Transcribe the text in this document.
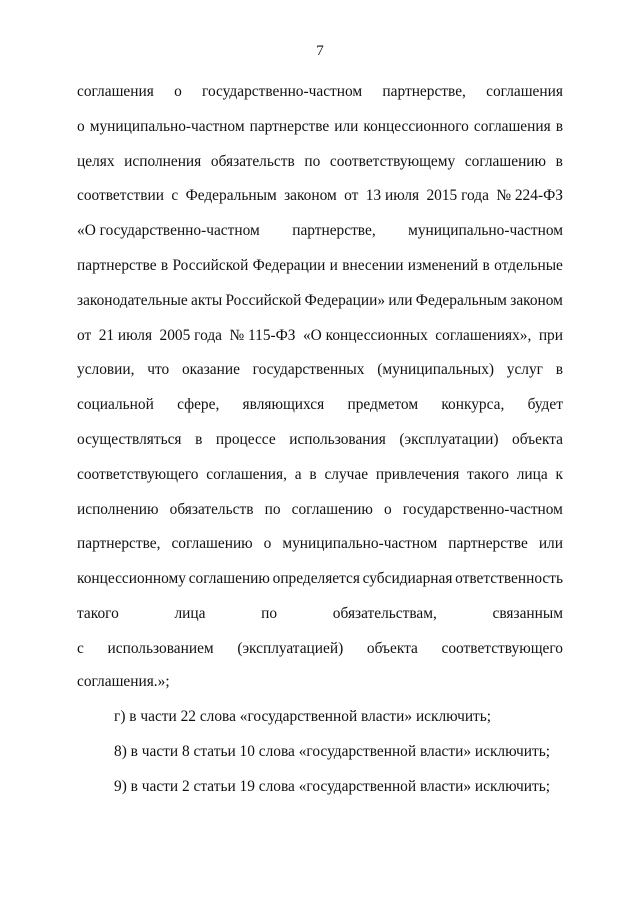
7
соглашения о государственно-частном партнерстве, соглашения
о муниципально-частном партнерстве или концессионного соглашения в
целях исполнения обязательств по соответствующему соглашению в
соответствии с Федеральным законом от 13 июля 2015 года № 224-ФЗ
«О государственно-частном партнерстве, муниципально-частном
партнерстве в Российской Федерации и внесении изменений в отдельные
законодательные акты Российской Федерации» или Федеральным законом
от 21 июля 2005 года № 115-ФЗ «О концессионных соглашениях», при
условии, что оказание государственных (муниципальных) услуг в
социальной сфере, являющихся предметом конкурса, будет
осуществляться в процессе использования (эксплуатации) объекта
соответствующего соглашения, а в случае привлечения такого лица к
исполнению обязательств по соглашению о государственно-частном
партнерстве, соглашению о муниципально-частном партнерстве или
концессионному соглашению определяется субсидиарная ответственность
такого	лица	по	обязательствам,	связанным
с использованием (эксплуатацией) объекта соответствующего
соглашения.»;
г) в части 22 слова «государственной власти» исключить;
8) в части 8 статьи 10 слова «государственной власти» исключить;
9) в части 2 статьи 19 слова «государственной власти» исключить;
